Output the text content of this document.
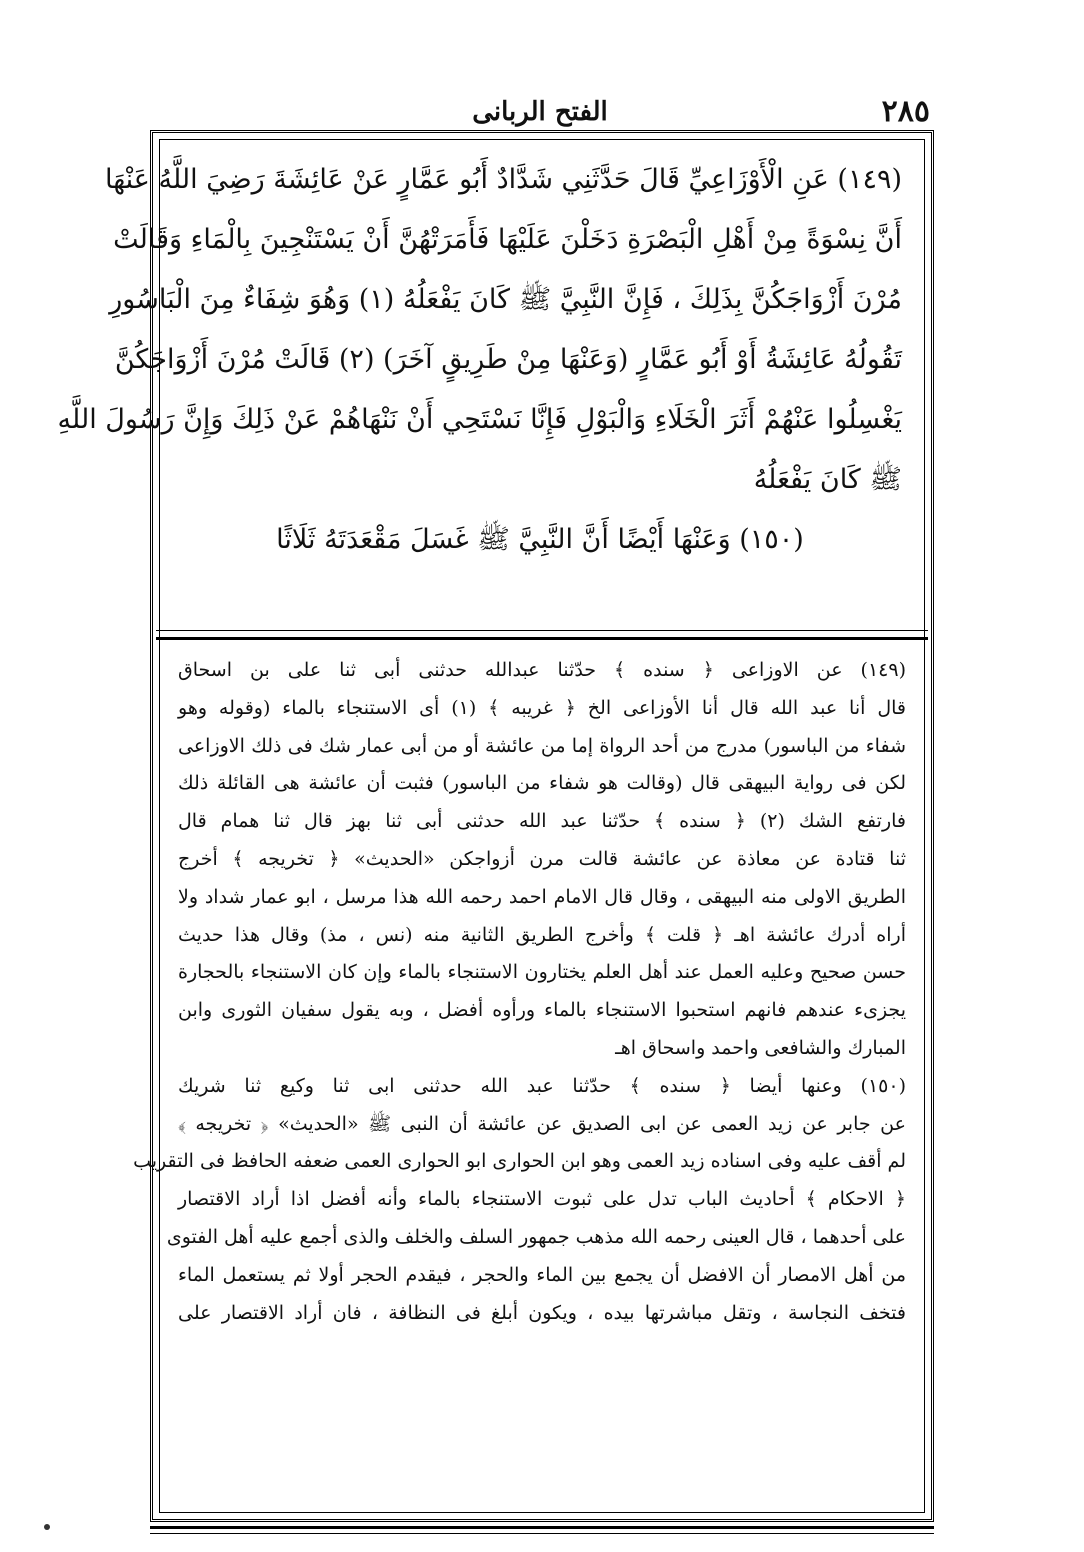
٢٨٥
الفتح الربانى
(١٤٩) عَنِ الْأَوْزَاعِيِّ قَالَ حَدَّثَنِي شَدَّادٌ أَبُو عَمَّارٍ عَنْ عَائِشَةَ رَضِيَ اللَّهُ عَنْهَا
أَنَّ نِسْوَةً مِنْ أَهْلِ الْبَصْرَةِ دَخَلْنَ عَلَيْهَا فَأَمَرَتْهُنَّ أَنْ يَسْتَنْجِينَ بِالْمَاءِ وَقَالَتْ
مُرْنَ أَزْوَاجَكُنَّ بِذَلِكَ ، فَإِنَّ النَّبِيَّ ﷺ كَانَ يَفْعَلُهُ (١) وَهُوَ شِفَاءٌ مِنَ الْبَاسُورِ
تَقُولُهُ عَائِشَةُ أَوْ أَبُو عَمَّارٍ (وَعَنْهَا مِنْ طَرِيقٍ آخَرَ) (٢) قَالَتْ مُرْنَ أَزْوَاجَكُنَّ
يَغْسِلُوا عَنْهُمْ أَثَرَ الْخَلَاءِ وَالْبَوْلِ فَإِنَّا نَسْتَحِي أَنْ نَنْهَاهُمْ عَنْ ذَلِكَ وَإِنَّ رَسُولَ اللَّهِ
ﷺ كَانَ يَفْعَلُهُ
(١٥٠) وَعَنْهَا أَيْضًا أَنَّ النَّبِيَّ ﷺ غَسَلَ مَقْعَدَتَهُ ثَلَاثًا
(١٤٩) عن الاوزاعى ﴿ سنده ﴾ حدّثنا عبدالله حدثنى أبى ثنا على بن اسحاق
قال أنا عبد الله قال أنا الأوزاعى الخ ﴿ غريبه ﴾ (١) أى الاستنجاء بالماء (وقوله وهو
شفاء من الباسور) مدرج من أحد الرواة إما من عائشة أو من أبى عمار شك فى ذلك الاوزاعى
لكن فى رواية البيهقى قال (وقالت هو شفاء من الباسور) فثبت أن عائشة هى القائلة ذلك
فارتفع الشك (٢) ﴿ سنده ﴾ حدّثنا عبد الله حدثنى أبى ثنا بهز قال ثنا همام قال
ثنا قتادة عن معاذة عن عائشة قالت مرن أزواجكن «الحديث» ﴿ تخريجه ﴾ أخرج
الطريق الاولى منه البيهقى ، وقال قال الامام احمد رحمه الله هذا مرسل ، ابو عمار شداد ولا
أراه أدرك عائشة اهـ ﴿ قلت ﴾ وأخرج الطريق الثانية منه (نس ، مذ) وقال هذا حديث
حسن صحيح وعليه العمل عند أهل العلم يختارون الاستنجاء بالماء وإن كان الاستنجاء بالحجارة
يجزىء عندهم فانهم استحبوا الاستنجاء بالماء ورأوه أفضل ، وبه يقول سفيان الثورى وابن
المبارك والشافعى واحمد واسحاق اهـ
(١٥٠) وعنها أيضا ﴿ سنده ﴾ حدّثنا عبد الله حدثنى ابى ثنا وكيع ثنا شريك
عن جابر عن زيد العمى عن ابى الصديق عن عائشة أن النبى ﷺ «الحديث» ﴿ تخريجه ﴾
لم أقف عليه وفى اسناده زيد العمى وهو ابن الحوارى ابو الحوارى العمى ضعفه الحافظ فى التقريب
﴿ الاحكام ﴾ أحاديث الباب تدل على ثبوت الاستنجاء بالماء وأنه أفضل اذا أراد الاقتصار
على أحدهما ، قال العينى رحمه الله مذهب جمهور السلف والخلف والذى أجمع عليه أهل الفتوى
من أهل الامصار أن الافضل أن يجمع بين الماء والحجر ، فيقدم الحجر أولا ثم يستعمل الماء
فتخف النجاسة ، وتقل مباشرتها بيده ، ويكون أبلغ فى النظافة ، فان أراد الاقتصار على
